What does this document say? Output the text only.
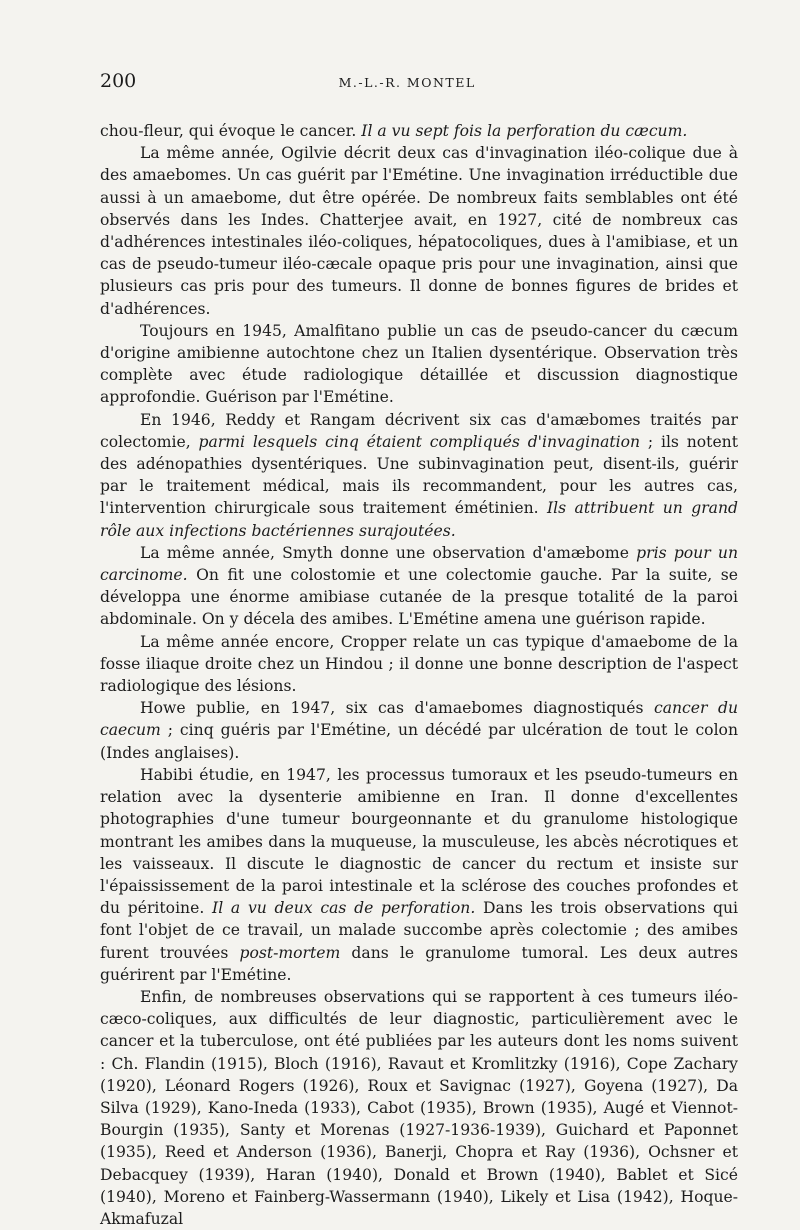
200	M.-L.-R. MONTEL

chou-fleur, qui évoque le cancer. Il a vu sept fois la perforation du cæcum.

La même année, Ogilvie décrit deux cas d'invagination iléo-colique due à des amaebomes. Un cas guérit par l'Emétine. Une invagination irréductible due aussi à un amaebome, dut être opérée. De nombreux faits semblables ont été observés dans les Indes. Chatterjee avait, en 1927, cité de nombreux cas d'adhérences intestinales iléo-coliques, hépatocoliques, dues à l'amibiase, et un cas de pseudo-tumeur iléo-cæcale opaque pris pour une invagination, ainsi que plusieurs cas pris pour des tumeurs. Il donne de bonnes figures de brides et d'adhérences.

Toujours en 1945, Amalfitano publie un cas de pseudo-cancer du cæcum d'origine amibienne autochtone chez un Italien dysentérique. Observation très complète avec étude radiologique détaillée et discussion diagnostique approfondie. Guérison par l'Emétine.

En 1946, Reddy et Rangam décrivent six cas d'amæbomes traités par colectomie, parmi lesquels cinq étaient compliqués d'invagination ; ils notent des adénopathies dysentériques. Une subinvagination peut, disent-ils, guérir par le traitement médical, mais ils recommandent, pour les autres cas, l'intervention chirurgicale sous traitement émétinien. Ils attribuent un grand rôle aux infections bactériennes surajoutées.

La même année, Smyth donne une observation d'amæbome pris pour un carcinome. On fit une colostomie et une colectomie gauche. Par la suite, se développa une énorme amibiase cutanée de la presque totalité de la paroi abdominale. On y décela des amibes. L'Emétine amena une guérison rapide.

La même année encore, Cropper relate un cas typique d'amaebome de la fosse iliaque droite chez un Hindou ; il donne une bonne description de l'aspect radiologique des lésions.

Howe publie, en 1947, six cas d'amaebomes diagnostiqués cancer du caecum ; cinq guéris par l'Emétine, un décédé par ulcération de tout le colon (Indes anglaises).

Habibi étudie, en 1947, les processus tumoraux et les pseudo-tumeurs en relation avec la dysenterie amibienne en Iran. Il donne d'excellentes photographies d'une tumeur bourgeonnante et du granulome histologique montrant les amibes dans la muqueuse, la musculeuse, les abcès nécrotiques et les vaisseaux. Il discute le diagnostic de cancer du rectum et insiste sur l'épaississement de la paroi intestinale et la sclérose des couches profondes et du péritoine. Il a vu deux cas de perforation. Dans les trois observations qui font l'objet de ce travail, un malade succombe après colectomie ; des amibes furent trouvées post-mortem dans le granulome tumoral. Les deux autres guérirent par l'Emétine.

Enfin, de nombreuses observations qui se rapportent à ces tumeurs iléo-cæco-coliques, aux difficultés de leur diagnostic, particulièrement avec le cancer et la tuberculose, ont été publiées par les auteurs dont les noms suivent : Ch. Flandin (1915), Bloch (1916), Ravaut et Kromlitzky (1916), Cope Zachary (1920), Léonard Rogers (1926), Roux et Savignac (1927), Goyena (1927), Da Silva (1929), Kano-Ineda (1933), Cabot (1935), Brown (1935), Augé et Viennot-Bourgin (1935), Santy et Morenas (1927-1936-1939), Guichard et Paponnet (1935), Reed et Anderson (1936), Banerji, Chopra et Ray (1936), Ochsner et Debacquey (1939), Haran (1940), Donald et Brown (1940), Bablet et Sicé (1940), Moreno et Fainberg-Wassermann (1940), Likely et Lisa (1942), Hoque-Akmafuzal
